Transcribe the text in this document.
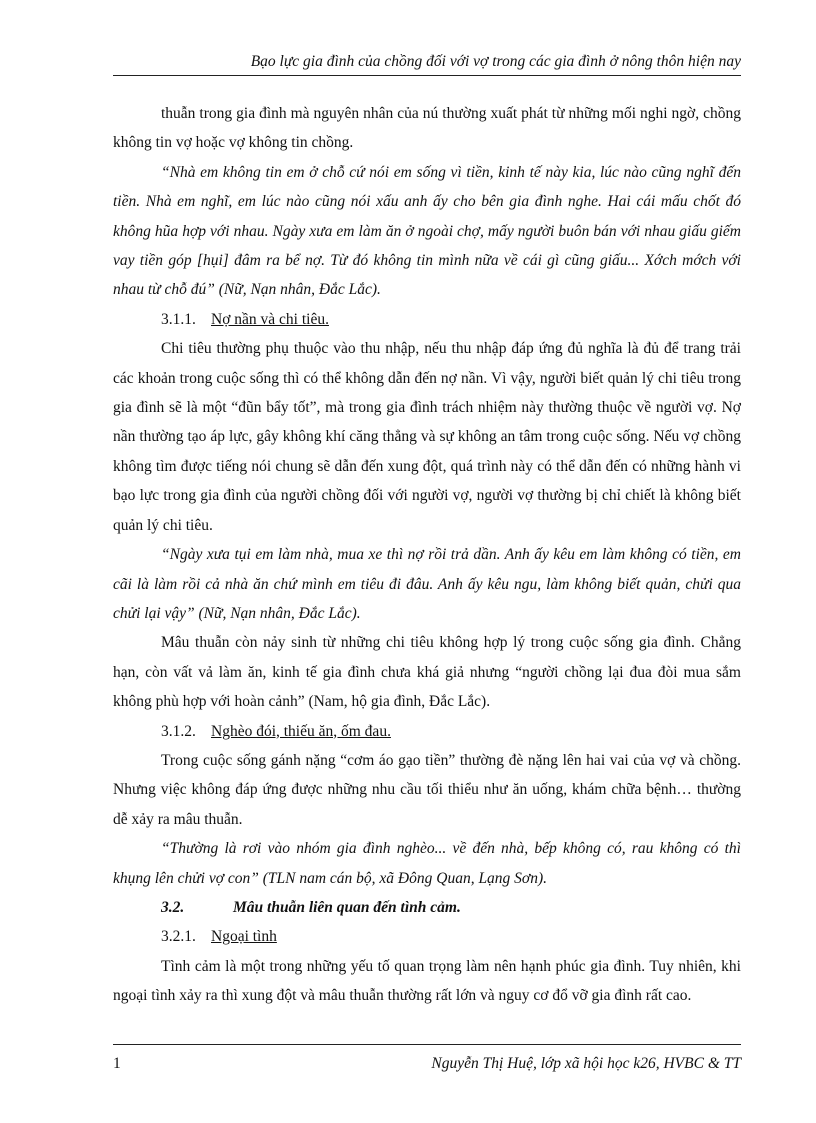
Bạo lực gia đình của chồng đối với vợ trong các gia đình ở nông thôn hiện nay

thuẫn trong gia đình mà nguyên nhân của nú thường xuất phát từ những mối nghi ngờ, chồng không tin vợ hoặc vợ không tin chồng.

“Nhà em không tin em ở chỗ cứ nói em sống vì tiền, kinh tế này kia, lúc nào cũng nghĩ đến tiền. Nhà em nghĩ, em lúc nào cũng nói xấu anh ấy cho bên gia đình nghe. Hai cái mấu chốt đó không hũa hợp với nhau. Ngày xưa em làm ăn ở ngoài chợ, mấy người buôn bán với nhau giấu giếm vay tiền góp [hụi] đâm ra bể nợ. Từ đó không tin mình nữa về cái gì cũng giấu... Xớch mớch với nhau từ chỗ đú” (Nữ, Nạn nhân, Đắc Lắc).

3.1.1. Nợ nần và chi tiêu.

Chi tiêu thường phụ thuộc vào thu nhập, nếu thu nhập đáp ứng đủ nghĩa là đủ để trang trải các khoản trong cuộc sống thì có thể không dẫn đến nợ nần. Vì vậy, người biết quản lý chi tiêu trong gia đình sẽ là một “đũn bẩy tốt”, mà trong gia đình trách nhiệm này thường thuộc về người vợ. Nợ nần thường tạo áp lực, gây không khí căng thẳng và sự không an tâm trong cuộc sống. Nếu vợ chồng không tìm được tiếng nói chung sẽ dẫn đến xung đột, quá trình này có thể dẫn đến có những hành vi bạo lực trong gia đình của người chồng đối với người vợ, người vợ thường bị chỉ chiết là không biết quản lý chi tiêu.

“Ngày xưa tụi em làm nhà, mua xe thì nợ rồi trả dần. Anh ấy kêu em làm không có tiền, em cãi là làm rồi cả nhà ăn chứ mình em tiêu đi đâu. Anh ấy kêu ngu, làm không biết quản, chửi qua chửi lại vậy” (Nữ, Nạn nhân, Đắc Lắc).

Mâu thuẫn còn nảy sinh từ những chi tiêu không hợp lý trong cuộc sống gia đình. Chẳng hạn, còn vất vả làm ăn, kinh tế gia đình chưa khá giả nhưng “người chồng lại đua đòi mua sắm không phù hợp với hoàn cảnh” (Nam, hộ gia đình, Đắc Lắc).

3.1.2. Nghèo đói, thiếu ăn, ốm đau.

Trong cuộc sống gánh nặng “cơm áo gạo tiền” thường đè nặng lên hai vai của vợ và chồng. Nhưng việc không đáp ứng được những nhu cầu tối thiểu như ăn uống, khám chữa bệnh… thường dễ xảy ra mâu thuẫn.

“Thường là rơi vào nhóm gia đình nghèo... về đến nhà, bếp không có, rau không có thì khụng lên chửi vợ con” (TLN nam cán bộ, xã Đông Quan, Lạng Sơn).

3.2.	Mâu thuẫn liên quan đến tình cảm.

3.2.1. Ngoại tình

Tình cảm là một trong những yếu tố quan trọng làm nên hạnh phúc gia đình. Tuy nhiên, khi ngoại tình xảy ra thì xung đột và mâu thuẫn thường rất lớn và nguy cơ đổ vỡ gia đình rất cao.

1	Nguyễn Thị Huệ, lớp xã hội học k26, HVBC & TT
